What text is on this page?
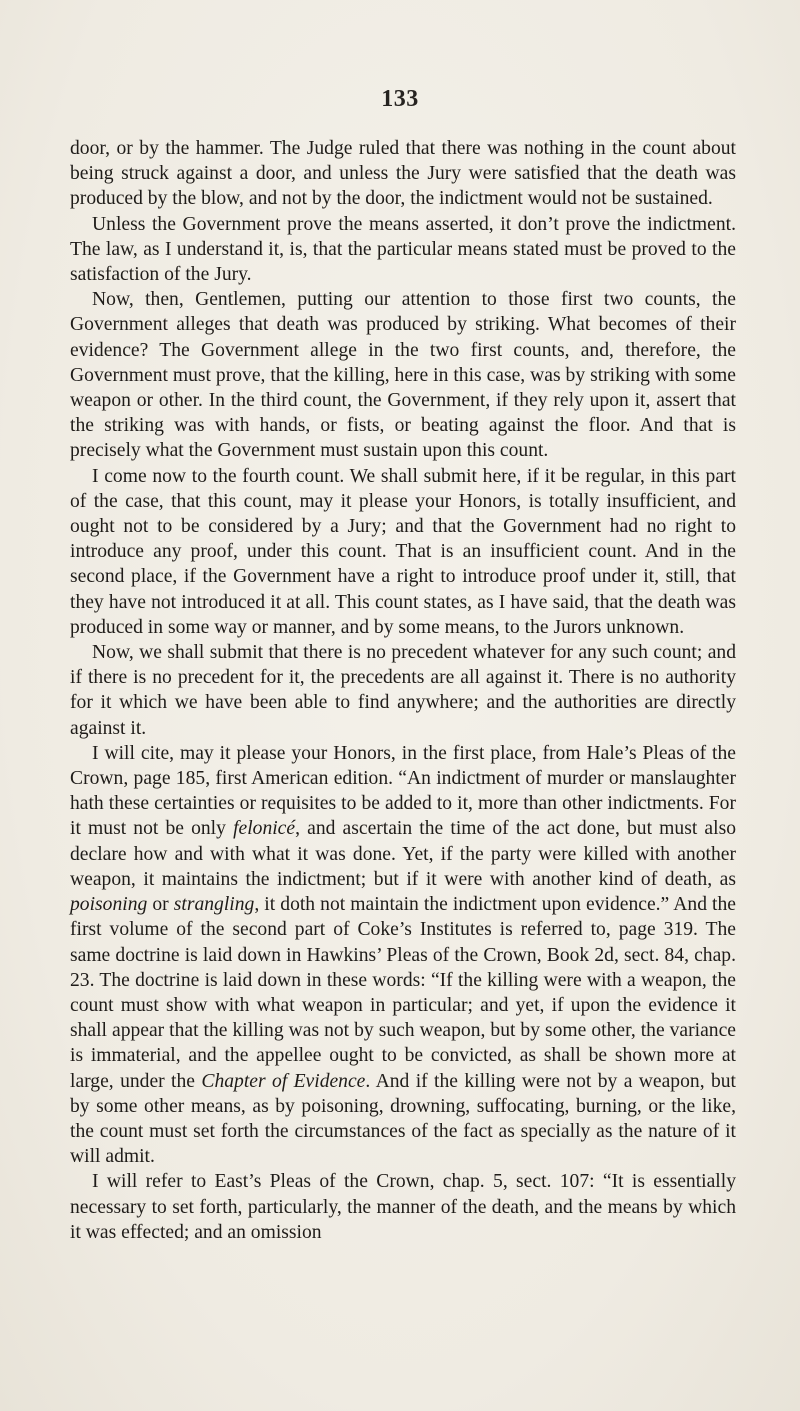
133

door, or by the hammer. The Judge ruled that there was nothing in the count about being struck against a door, and unless the Jury were satisfied that the death was produced by the blow, and not by the door, the indictment would not be sustained.

Unless the Government prove the means asserted, it don’t prove the indictment. The law, as I understand it, is, that the particular means stated must be proved to the satisfaction of the Jury.

Now, then, Gentlemen, putting our attention to those first two counts, the Government alleges that death was produced by striking. What becomes of their evidence? The Government allege in the two first counts, and, therefore, the Government must prove, that the killing, here in this case, was by striking with some weapon or other. In the third count, the Government, if they rely upon it, assert that the striking was with hands, or fists, or beating against the floor. And that is precisely what the Government must sustain upon this count.

I come now to the fourth count. We shall submit here, if it be regular, in this part of the case, that this count, may it please your Honors, is totally insufficient, and ought not to be considered by a Jury; and that the Government had no right to introduce any proof, under this count. That is an insufficient count. And in the second place, if the Government have a right to introduce proof under it, still, that they have not introduced it at all. This count states, as I have said, that the death was produced in some way or manner, and by some means, to the Jurors unknown.

Now, we shall submit that there is no precedent whatever for any such count; and if there is no precedent for it, the precedents are all against it. There is no authority for it which we have been able to find anywhere; and the authorities are directly against it.

I will cite, may it please your Honors, in the first place, from Hale’s Pleas of the Crown, page 185, first American edition. “An indictment of murder or manslaughter hath these certainties or requisites to be added to it, more than other indictments. For it must not be only felonicé, and ascertain the time of the act done, but must also declare how and with what it was done. Yet, if the party were killed with another weapon, it maintains the indictment; but if it were with another kind of death, as poisoning or strangling, it doth not maintain the indictment upon evidence.” And the first volume of the second part of Coke’s Institutes is referred to, page 319. The same doctrine is laid down in Hawkins’ Pleas of the Crown, Book 2d, sect. 84, chap. 23. The doctrine is laid down in these words: “If the killing were with a weapon, the count must show with what weapon in particular; and yet, if upon the evidence it shall appear that the killing was not by such weapon, but by some other, the variance is immaterial, and the appellee ought to be convicted, as shall be shown more at large, under the Chapter of Evidence. And if the killing were not by a weapon, but by some other means, as by poisoning, drowning, suffocating, burning, or the like, the count must set forth the circumstances of the fact as specially as the nature of it will admit.

I will refer to East’s Pleas of the Crown, chap. 5, sect. 107: “It is essentially necessary to set forth, particularly, the manner of the death, and the means by which it was effected; and an omission
